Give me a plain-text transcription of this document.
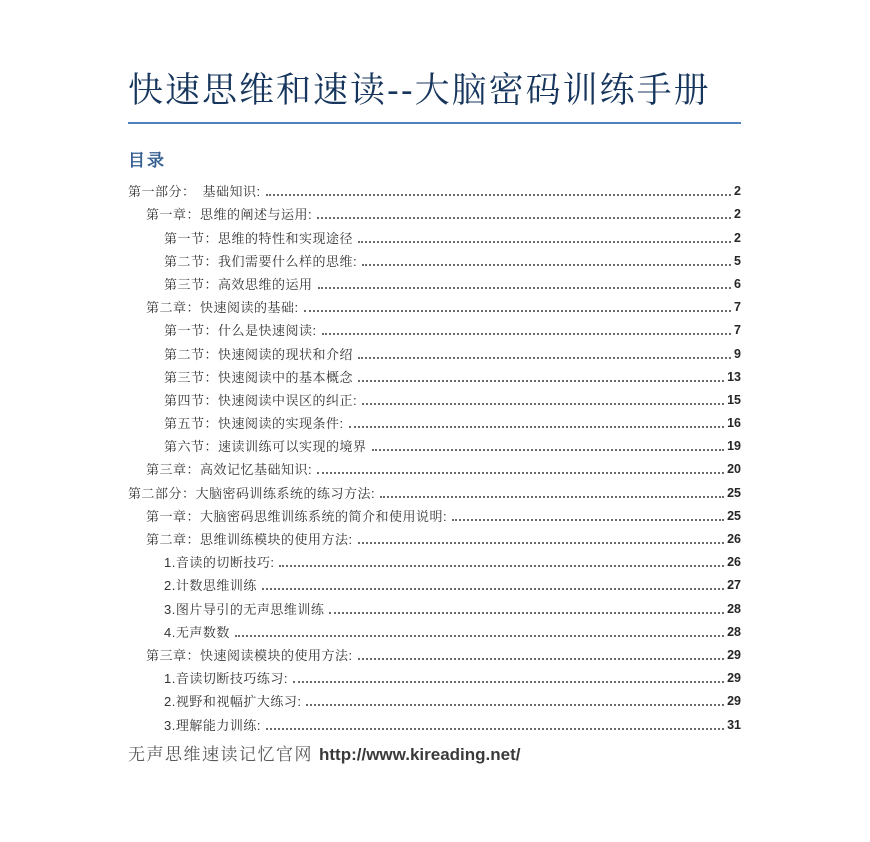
快速思维和速读--大脑密码训练手册
目录
第一部分：　基础知识:	2
第一章：思维的阐述与运用:	2
第一节：思维的特性和实现途径	2
第二节：我们需要什么样的思维:	5
第三节：高效思维的运用	6
第二章：快速阅读的基础:	7
第一节：什么是快速阅读:	7
第二节：快速阅读的现状和介绍	9
第三节：快速阅读中的基本概念	13
第四节：快速阅读中误区的纠正:	15
第五节：快速阅读的实现条件:	16
第六节：速读训练可以实现的境界	19
第三章：高效记忆基础知识:	20
第二部分：大脑密码训练系统的练习方法:	25
第一章：大脑密码思维训练系统的简介和使用说明:	25
第二章：思维训练模块的使用方法:	26
1.音读的切断技巧:	26
2.计数思维训练	27
3.图片导引的无声思维训练	28
4.无声数数	28
第三章：快速阅读模块的使用方法:	29
1.音读切断技巧练习:	29
2.视野和视幅扩大练习:	29
3.理解能力训练:	31
无声思维速读记忆官网 http://www.kireading.net/
